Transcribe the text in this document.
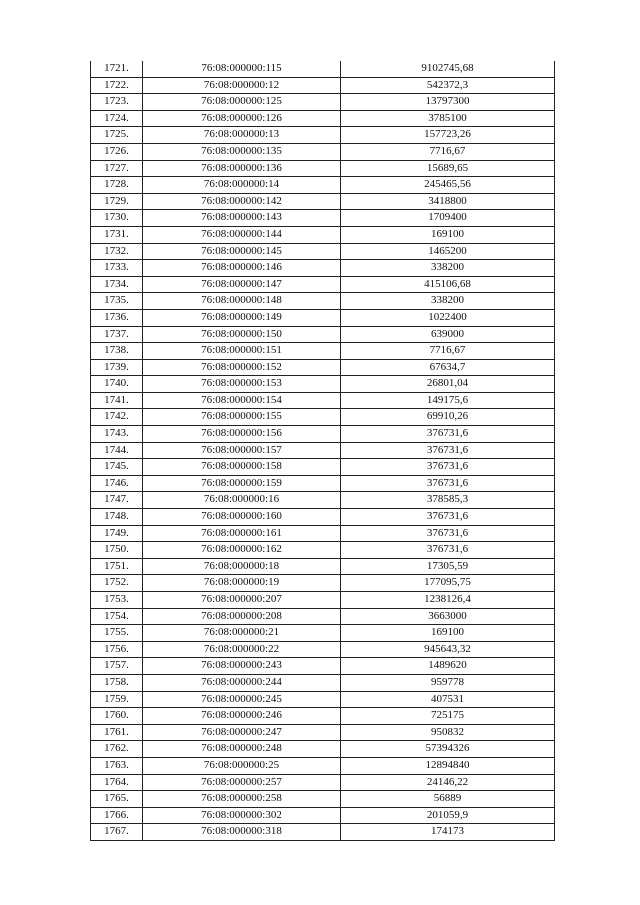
1721.	76:08:000000:115	9102745,68
1722.	76:08:000000:12	542372,3
1723.	76:08:000000:125	13797300
1724.	76:08:000000:126	3785100
1725.	76:08:000000:13	157723,26
1726.	76:08:000000:135	7716,67
1727.	76:08:000000:136	15689,65
1728.	76:08:000000:14	245465,56
1729.	76:08:000000:142	3418800
1730.	76:08:000000:143	1709400
1731.	76:08:000000:144	169100
1732.	76:08:000000:145	1465200
1733.	76:08:000000:146	338200
1734.	76:08:000000:147	415106,68
1735.	76:08:000000:148	338200
1736.	76:08:000000:149	1022400
1737.	76:08:000000:150	639000
1738.	76:08:000000:151	7716,67
1739.	76:08:000000:152	67634,7
1740.	76:08:000000:153	26801,04
1741.	76:08:000000:154	149175,6
1742.	76:08:000000:155	69910,26
1743.	76:08:000000:156	376731,6
1744.	76:08:000000:157	376731,6
1745.	76:08:000000:158	376731,6
1746.	76:08:000000:159	376731,6
1747.	76:08:000000:16	378585,3
1748.	76:08:000000:160	376731,6
1749.	76:08:000000:161	376731,6
1750.	76:08:000000:162	376731,6
1751.	76:08:000000:18	17305,59
1752.	76:08:000000:19	177095,75
1753.	76:08:000000:207	1238126,4
1754.	76:08:000000:208	3663000
1755.	76:08:000000:21	169100
1756.	76:08:000000:22	945643,32
1757.	76:08:000000:243	1489620
1758.	76:08:000000:244	959778
1759.	76:08:000000:245	407531
1760.	76:08:000000:246	725175
1761.	76:08:000000:247	950832
1762.	76:08:000000:248	57394326
1763.	76:08:000000:25	12894840
1764.	76:08:000000:257	24146,22
1765.	76:08:000000:258	56889
1766.	76:08:000000:302	201059,9
1767.	76:08:000000:318	174173
